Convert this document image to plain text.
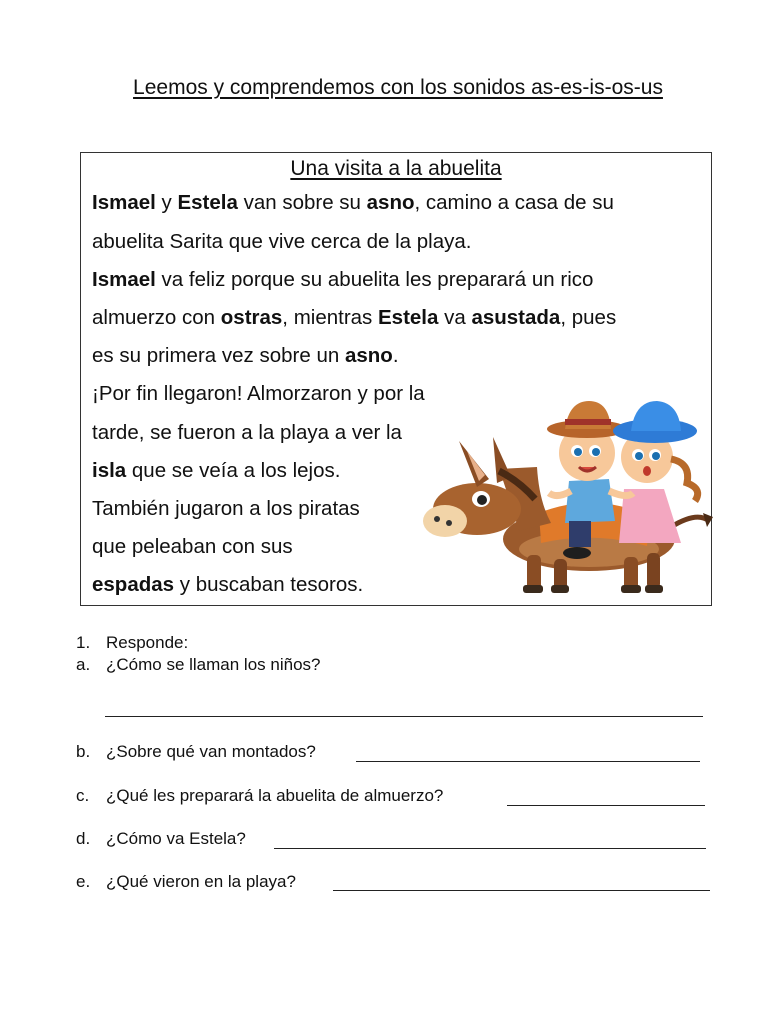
Leemos y comprendemos con los sonidos as-es-is-os-us
Una visita a la abuelita
Ismael y Estela van sobre su asno, camino a casa de su
abuelita Sarita que vive cerca de la playa.
Ismael va feliz porque su abuelita les preparará un rico
almuerzo con ostras, mientras Estela va asustada, pues
es su primera vez sobre un asno.
¡Por fin llegaron! Almorzaron y por la
tarde, se fueron a la playa a ver la
isla que se veía a los lejos.
También jugaron a los piratas
que peleaban con sus
espadas y buscaban tesoros.
1. Responde:
a. ¿Cómo se llaman los niños?
b. ¿Sobre qué van montados?
c. ¿Qué les preparará la abuelita de almuerzo?
d. ¿Cómo va Estela?
e. ¿Qué vieron en la playa?
